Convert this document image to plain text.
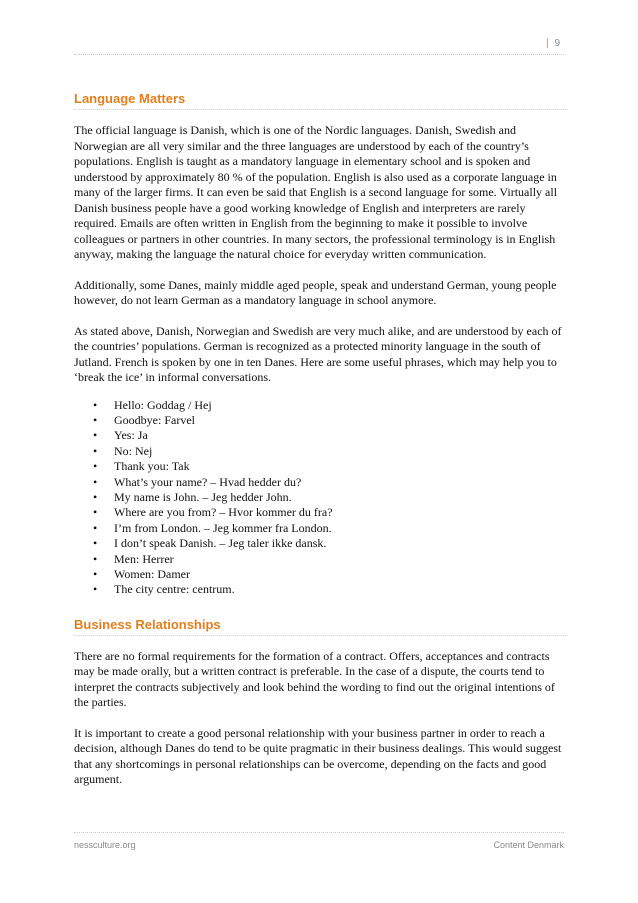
| 9
Language Matters

The official language is Danish, which is one of the Nordic languages. Danish, Swedish and Norwegian are all very similar and the three languages are understood by each of the country’s populations. English is taught as a mandatory language in elementary school and is spoken and understood by approximately 80 % of the population. English is also used as a corporate language in many of the larger firms. It can even be said that English is a second language for some. Virtually all Danish business people have a good working knowledge of English and interpreters are rarely required. Emails are often written in English from the beginning to make it possible to involve colleagues or partners in other countries. In many sectors, the professional terminology is in English anyway, making the language the natural choice for everyday written communication.

Additionally, some Danes, mainly middle aged people, speak and understand German, young people however, do not learn German as a mandatory language in school anymore.

As stated above, Danish, Norwegian and Swedish are very much alike, and are understood by each of the countries’ populations. German is recognized as a protected minority language in the south of Jutland. French is spoken by one in ten Danes. Here are some useful phrases, which may help you to ‘break the ice’ in informal conversations.

• Hello: Goddag / Hej
• Goodbye: Farvel
• Yes: Ja
• No: Nej
• Thank you: Tak
• What’s your name? – Hvad hedder du?
• My name is John. – Jeg hedder John.
• Where are you from? – Hvor kommer du fra?
• I’m from London. – Jeg kommer fra London.
• I don’t speak Danish. – Jeg taler ikke dansk.
• Men: Herrer
• Women: Damer
• The city centre: centrum.
Business Relationships

There are no formal requirements for the formation of a contract. Offers, acceptances and contracts may be made orally, but a written contract is preferable. In the case of a dispute, the courts tend to interpret the contracts subjectively and look behind the wording to find out the original intentions of the parties.

It is important to create a good personal relationship with your business partner in order to reach a decision, although Danes do tend to be quite pragmatic in their business dealings. This would suggest that any shortcomings in personal relationships can be overcome, depending on the facts and good argument.

nessculture.org	Content Denmark
